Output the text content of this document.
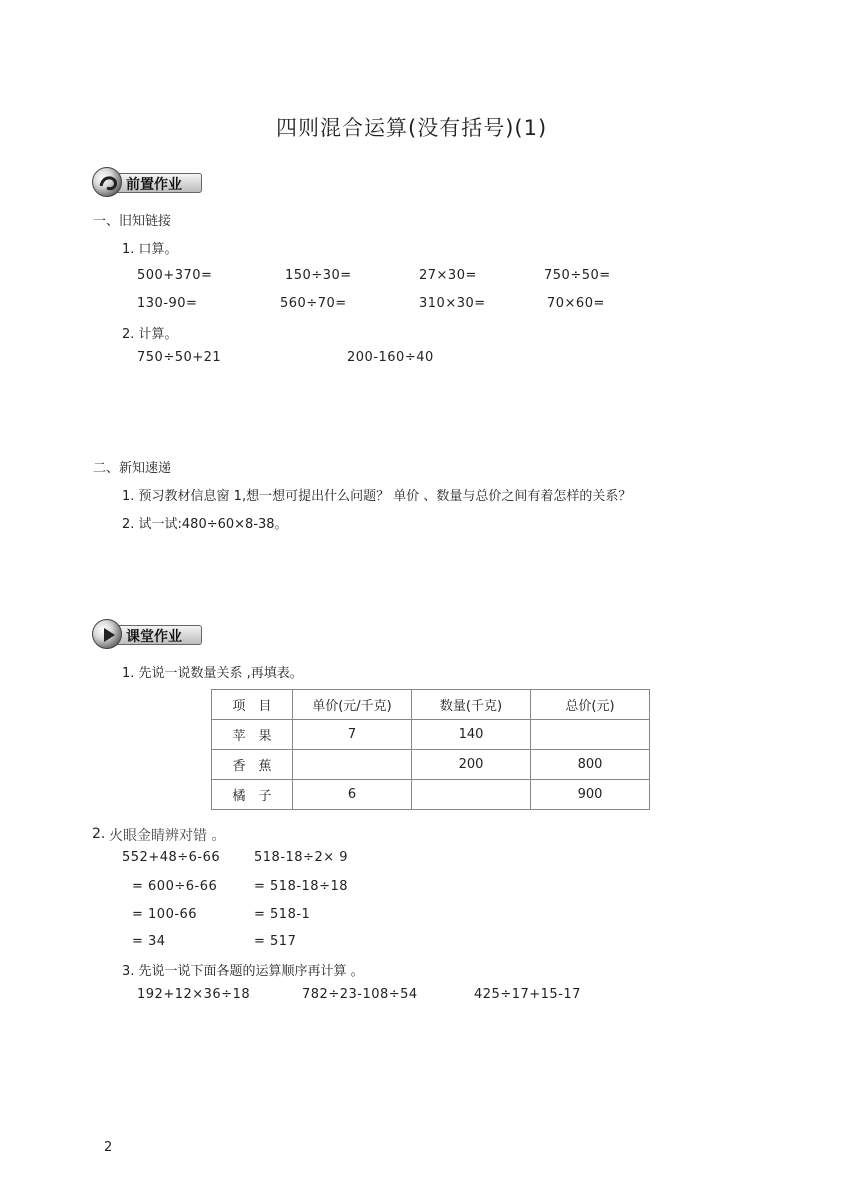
四则混合运算(没有括号)(1)
前置作业
一、旧知链接
1. 口算。
500+370=	150÷30=	27×30=	750÷50=
130-90=	560÷70=	310×30=	70×60=
2. 计算。
750÷50+21	200-160÷40
二、新知速递
1. 预习教材信息窗 1,想一想可提出什么问题？ 单价 、数量与总价之间有着怎样的关系？
2. 试一试:480÷60×8-38。
课堂作业
1. 先说一说数量关系 ,再填表。
项　目	单价(元/千克)	数量(千克)	总价(元)
苹　果	7	140	
香　蕉		200	800
橘　子	6		900
2. 火眼金睛辨对错 。
552+48÷6-66
= 600÷6-66
= 100-66
= 34
518-18÷2× 9
= 518-18÷18
= 518-1
= 517
3. 先说一说下面各题的运算顺序再计算 。
192+12×36÷18	782÷23-108÷54	425÷17+15-17
2
